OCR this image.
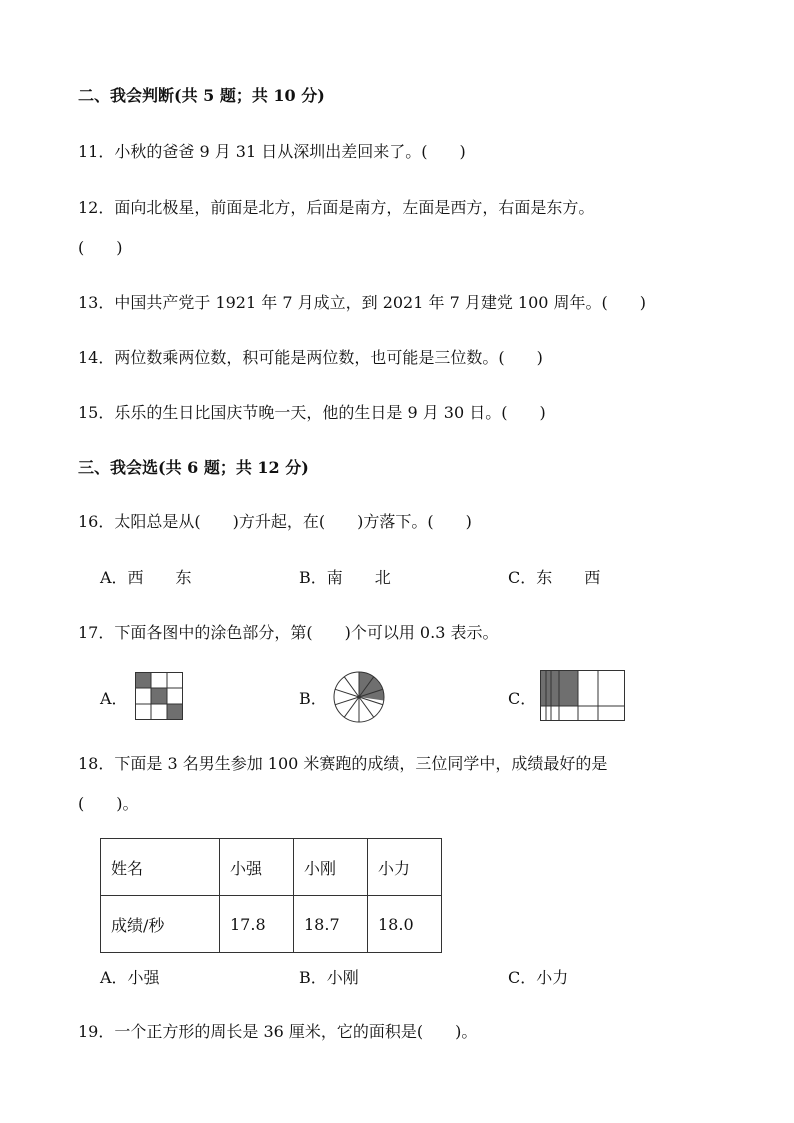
二、我会判断(共 5 题；共 10 分)
11．小秋的爸爸 9 月 31 日从深圳出差回来了。(　　)
12．面向北极星，前面是北方，后面是南方，左面是西方，右面是东方。
(　　)
13．中国共产党于 1921 年 7 月成立，到 2021 年 7 月建党 100 周年。(　　)
14．两位数乘两位数，积可能是两位数，也可能是三位数。(　　)
15．乐乐的生日比国庆节晚一天，他的生日是 9 月 30 日。(　　)
三、我会选(共 6 题；共 12 分)
16．太阳总是从(　　)方升起，在(　　)方落下。(　　)
A．西　　东	B．南　　北	C．东　　西
17．下面各图中的涂色部分，第(　　)个可以用 0.3 表示。
A．	B．	C．
18．下面是 3 名男生参加 100 米赛跑的成绩，三位同学中，成绩最好的是
(　　)。
姓名	小强	小刚	小力
成绩/秒	17.8	18.7	18.0
A．小强	B．小刚	C．小力
19．一个正方形的周长是 36 厘米，它的面积是(　　)。
